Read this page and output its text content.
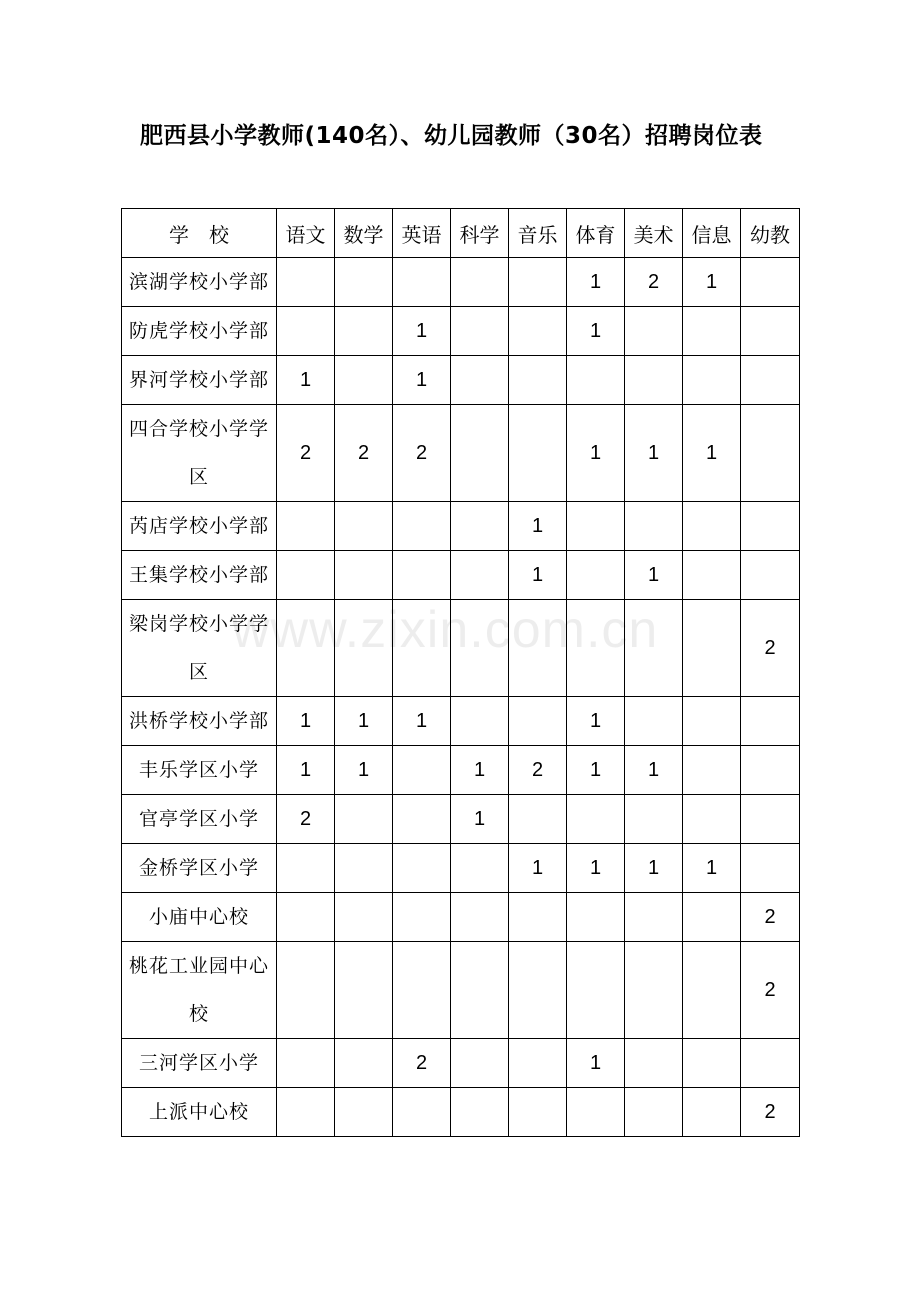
肥西县小学教师(140名）、幼儿园教师（30名）招聘岗位表
www.zixin.com.cn
学　校	语文	数学	英语	科学	音乐	体育	美术	信息	幼教
滨湖学校小学部						1	2	1	
防虎学校小学部			1			1			
界河学校小学部	1		1						
四合学校小学学区	2	2	2			1	1	1	
芮店学校小学部					1				
王集学校小学部					1		1		
梁岗学校小学学区									2
洪桥学校小学部	1	1	1			1			
丰乐学区小学	1	1		1	2	1	1		
官亭学区小学	2			1					
金桥学区小学					1	1	1	1	
小庙中心校									2
桃花工业园中心校									2
三河学区小学			2			1			
上派中心校									2
